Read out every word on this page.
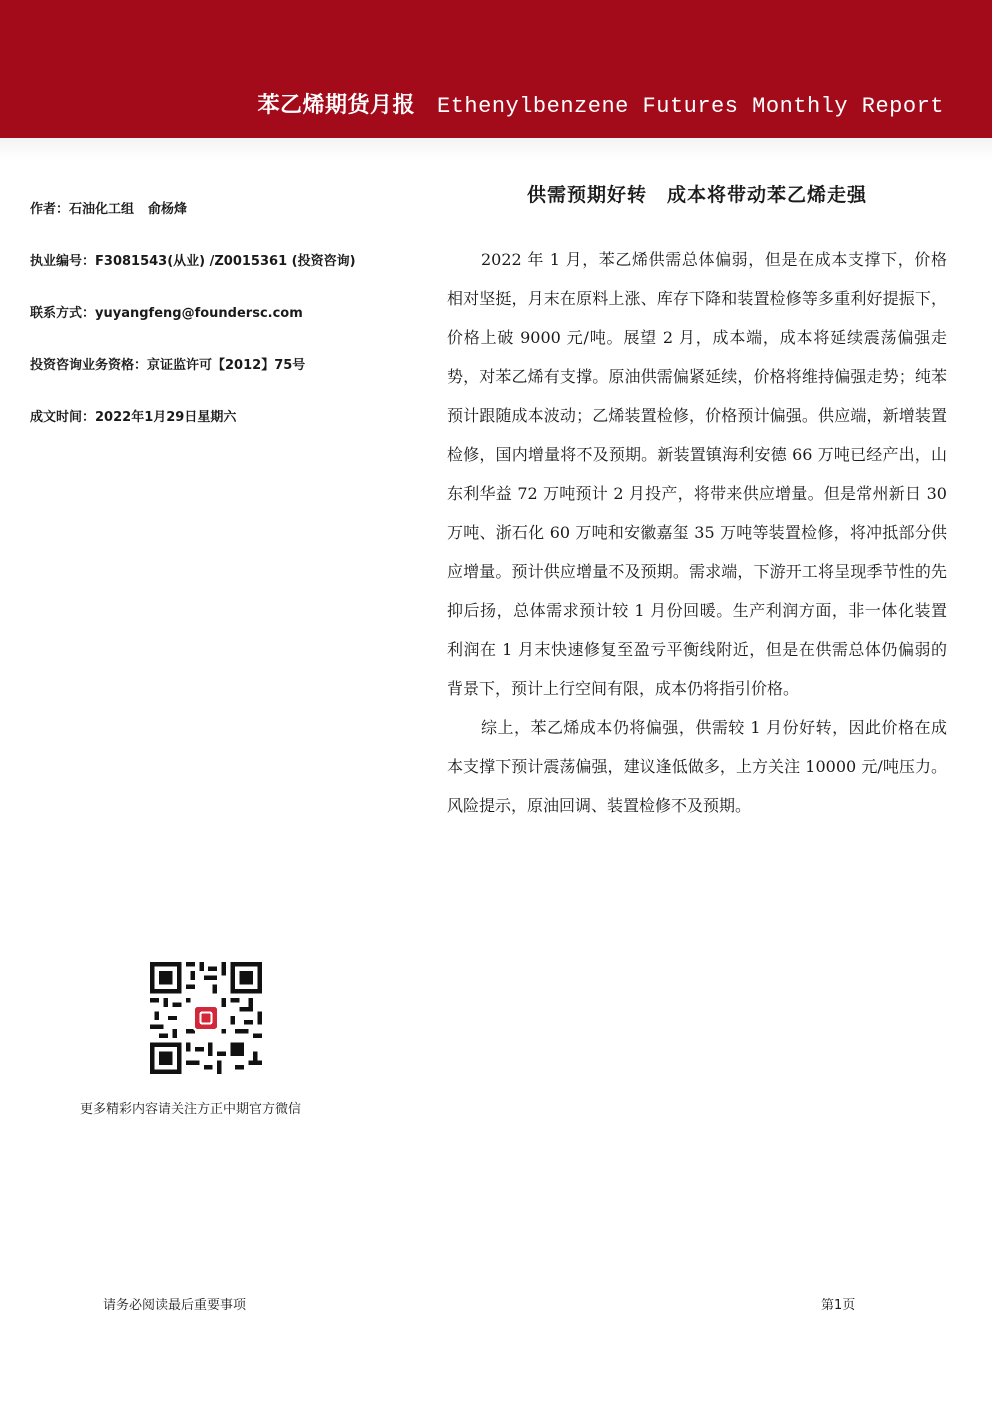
苯乙烯期货月报 Ethenylbenzene Futures Monthly Report
作者：石油化工组 俞杨烽
执业编号：F3081543(从业) /Z0015361 (投资咨询)
联系方式：yuyangfeng@foundersc.com
投资咨询业务资格：京证监许可【2012】75号
成文时间：2022年1月29日星期六
供需预期好转 成本将带动苯乙烯走强

2022 年 1 月，苯乙烯供需总体偏弱，但是在成本支撑下，价格相对坚挺，月末在原料上涨、库存下降和装置检修等多重利好提振下，价格上破 9000 元/吨。展望 2 月，成本端，成本将延续震荡偏强走势，对苯乙烯有支撑。原油供需偏紧延续，价格将维持偏强走势；纯苯预计跟随成本波动；乙烯装置检修，价格预计偏强。供应端，新增装置检修，国内增量将不及预期。新装置镇海利安德 66 万吨已经产出，山东利华益 72 万吨预计 2 月投产，将带来供应增量。但是常州新日 30 万吨、浙石化 60 万吨和安徽嘉玺 35 万吨等装置检修，将冲抵部分供应增量。预计供应增量不及预期。需求端，下游开工将呈现季节性的先抑后扬，总体需求预计较 1 月份回暖。生产利润方面，非一体化装置利润在 1 月末快速修复至盈亏平衡线附近，但是在供需总体仍偏弱的背景下，预计上行空间有限，成本仍将指引价格。

综上，苯乙烯成本仍将偏强，供需较 1 月份好转，因此价格在成本支撑下预计震荡偏强，建议逢低做多，上方关注 10000 元/吨压力。风险提示，原油回调、装置检修不及预期。

更多精彩内容请关注方正中期官方微信
请务必阅读最后重要事项	第1页
